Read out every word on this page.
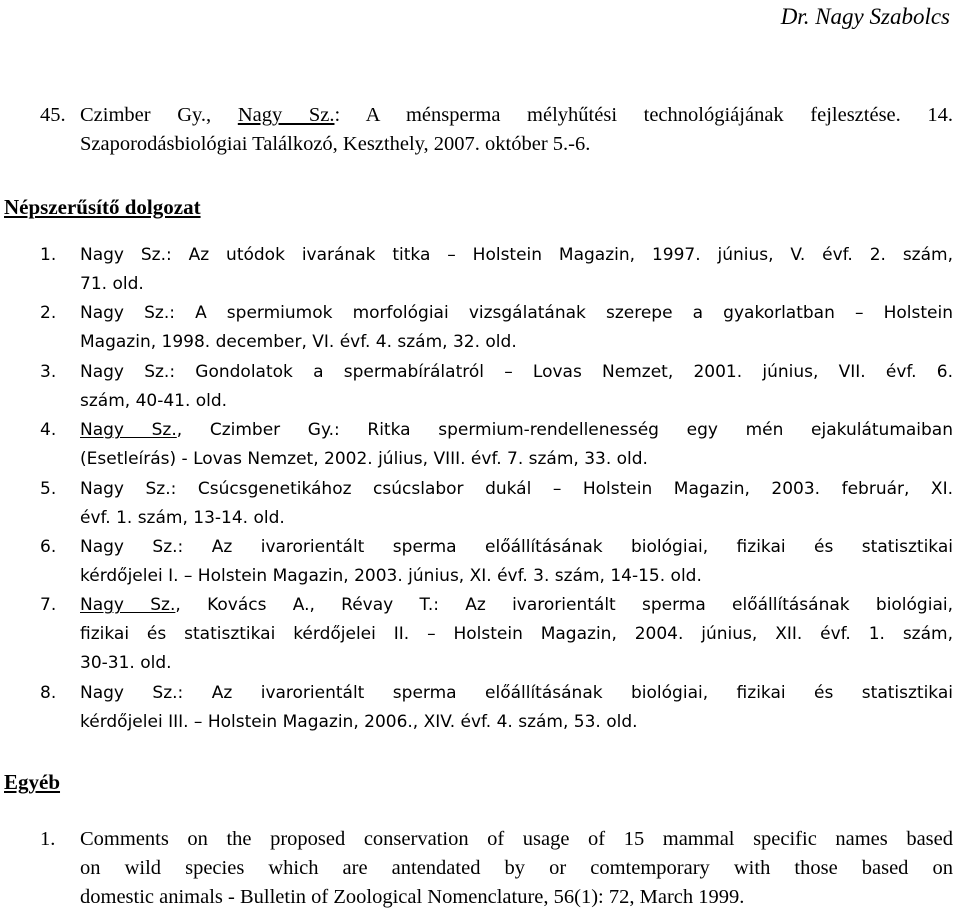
Dr. Nagy Szabolcs
45. Czimber Gy., Nagy Sz.: A ménsperma mélyhűtési technológiájának fejlesztése. 14.
Szaporodásbiológiai Találkozó, Keszthely, 2007. október 5.-6.
Népszerűsítő dolgozat
1.	Nagy Sz.: Az utódok ivarának titka – Holstein Magazin, 1997. június, V. évf. 2. szám,
71. old.
2.	Nagy Sz.: A spermiumok morfológiai vizsgálatának szerepe a gyakorlatban – Holstein
Magazin, 1998. december, VI. évf. 4. szám, 32. old.
3.	Nagy Sz.: Gondolatok a spermabírálatról – Lovas Nemzet, 2001. június, VII. évf. 6.
szám, 40-41. old.
4.	Nagy Sz., Czimber Gy.: Ritka spermium-rendellenesség egy mén ejakulátumaiban
(Esetleírás) - Lovas Nemzet, 2002. július, VIII. évf. 7. szám, 33. old.
5.	Nagy Sz.: Csúcsgenetikához csúcslabor dukál – Holstein Magazin, 2003. február, XI.
évf. 1. szám, 13-14. old.
6.	Nagy Sz.: Az ivarorientált sperma előállításának biológiai, fizikai és statisztikai
kérdőjelei I. – Holstein Magazin, 2003. június, XI. évf. 3. szám, 14-15. old.
7.	Nagy Sz., Kovács A., Révay T.: Az ivarorientált sperma előállításának biológiai,
fizikai és statisztikai kérdőjelei II. – Holstein Magazin, 2004. június, XII. évf. 1. szám,
30-31. old.
8.	Nagy Sz.: Az ivarorientált sperma előállításának biológiai, fizikai és statisztikai
kérdőjelei III. – Holstein Magazin, 2006., XIV. évf. 4. szám, 53. old.
Egyéb
1.	Comments on the proposed conservation of usage of 15 mammal specific names based
on wild species which are antendated by or comtemporary with those based on
domestic animals - Bulletin of Zoological Nomenclature, 56(1): 72, March 1999.
